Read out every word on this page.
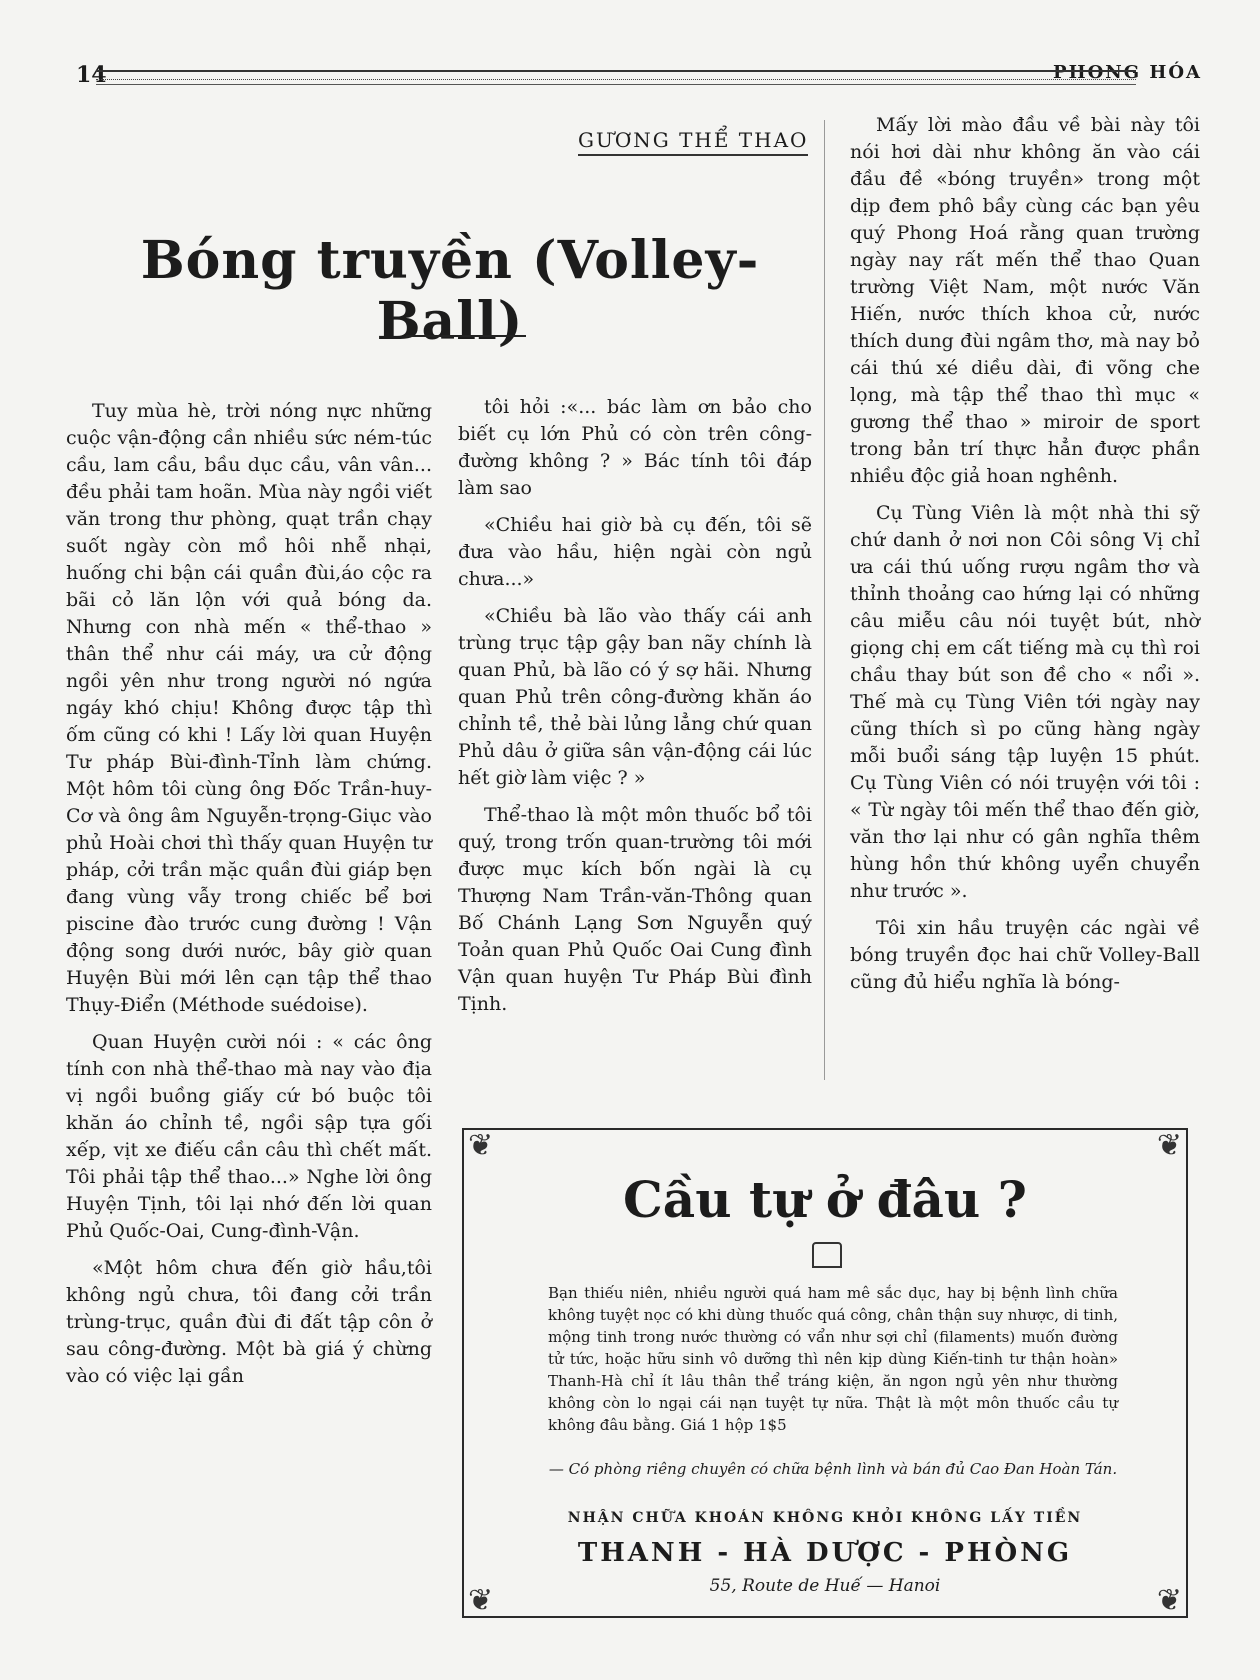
14	PHONG HÓA
GƯƠNG THỂ THAO
Bóng truyền (Volley-Ball)

Tuy mùa hè, trời nóng nực những cuộc vận-động cần nhiều sức ném-túc cầu, lam cầu, bầu dục cầu, vân vân... đều phải tam hoãn. Mùa này ngồi viết văn trong thư phòng, quạt trần chạy suốt ngày còn mồ hôi nhễ nhại, huống chi bận cái quần đùi,áo cộc ra bãi cỏ lăn lộn với quả bóng da. Nhưng con nhà mến « thể-thao » thân thể như cái máy, ưa cử động ngồi yên như trong người nó ngứa ngáy khó chịu! Không được tập thì ốm cũng có khi ! Lấy lời quan Huyện Tư pháp Bùi-đình-Tỉnh làm chứng. Một hôm tôi cùng ông Đốc Trần-huy-Cơ và ông âm Nguyễn-trọng-Giục vào phủ Hoài chơi thì thấy quan Huyện tư pháp, cởi trần mặc quần đùi giáp bẹn đang vùng vẫy trong chiếc bể bơi piscine đào trước cung đường ! Vận động song dưới nước, bây giờ quan Huyện Bùi mới lên cạn tập thể thao Thụy-Điển (Méthode suédoise).

Quan Huyện cười nói : « các ông tính con nhà thể-thao mà nay vào địa vị ngồi buồng giấy cứ bó buộc tôi khăn áo chỉnh tề, ngồi sập tựa gối xếp, vịt xe điếu cần câu thì chết mất. Tôi phải tập thể thao...» Nghe lời ông Huyện Tịnh, tôi lại nhớ đến lời quan Phủ Quốc-Oai, Cung-đình-Vận.

«Một hôm chưa đến giờ hầu,tôi không ngủ chưa, tôi đang cởi trần trùng-trục, quần đùi đi đất tập côn ở sau công-đường. Một bà giá ý chừng vào có việc lại gần

tôi hỏi :«... bác làm ơn bảo cho biết cụ lớn Phủ có còn trên công-đường không ? » Bác tính tôi đáp làm sao

«Chiều hai giờ bà cụ đến, tôi sẽ đưa vào hầu, hiện ngài còn ngủ chưa...»

«Chiều bà lão vào thấy cái anh trùng trục tập gậy ban nãy chính là quan Phủ, bà lão có ý sợ hãi. Nhưng quan Phủ trên công-đường khăn áo chỉnh tề, thẻ bài lủng lẳng chứ quan Phủ dâu ở giữa sân vận-động cái lúc hết giờ làm việc ? »

Thể-thao là một môn thuốc bổ tôi quý, trong trốn quan-trường tôi mới được mục kích bốn ngài là cụ Thượng Nam Trần-văn-Thông quan Bố Chánh Lạng Sơn Nguyễn quý Toản quan Phủ Quốc Oai Cung đình Vận quan huyện Tư Pháp Bùi đình Tịnh.

Mấy lời mào đầu về bài này tôi nói hơi dài như không ăn vào cái đầu đề «bóng truyền» trong một dịp đem phô bầy cùng các bạn yêu quý Phong Hoá rằng quan trường ngày nay rất mến thể thao Quan trường Việt Nam, một nước Văn Hiến, nước thích khoa cử, nước thích dung đùi ngâm thơ, mà nay bỏ cái thú xé diều dài, đi võng che lọng, mà tập thể thao thì mục « gương thể thao » miroir de sport trong bản trí thực hẳn được phần nhiều độc giả hoan nghênh.

Cụ Tùng Viên là một nhà thi sỹ chứ danh ở nơi non Côi sông Vị chỉ ưa cái thú uống rượu ngâm thơ và thỉnh thoảng cao hứng lại có những câu miễu câu nói tuyệt bút, nhờ giọng chị em cất tiếng mà cụ thì roi chầu thay bút son đề cho « nổi ». Thế mà cụ Tùng Viên tới ngày nay cũng thích sì po cũng hàng ngày mỗi buổi sáng tập luyện 15 phút. Cụ Tùng Viên có nói truyện với tôi : « Từ ngày tôi mến thể thao đến giờ, văn thơ lại như có gân nghĩa thêm hùng hồn thứ không uyển chuyển như trước ».

Tôi xin hầu truyện các ngài về bóng truyền đọc hai chữ Volley-Ball cũng đủ hiểu nghĩa là bóng-

❦	❦
❦	❦
Cầu tự ở đâu ?

Bạn thiếu niên, nhiều người quá ham mê sắc dục, hay bị bệnh lình chữa không tuyệt nọc có khi dùng thuốc quá công, chân thận suy nhược, di tinh, mộng tinh trong nước thường có vẩn như sợi chỉ (filaments) muốn đường tử tức, hoặc hữu sinh vô dưỡng thì nên kịp dùng Kiến-tinh tư thận hoàn» Thanh-Hà chỉ ít lâu thân thể tráng kiện, ăn ngon ngủ yên như thường không còn lo ngại cái nạn tuyệt tự nữa. Thật là một môn thuốc cầu tự không đâu bằng. Giá 1 hộp 1$5

— Có phòng riêng chuyên có chữa bệnh lình và bán đủ Cao Đan Hoàn Tán.
NHẬN CHỮA KHOÁN KHÔNG KHỎI KHÔNG LẤY TIỀN
THANH - HÀ DƯỢC - PHÒNG
55, Route de Huế — Hanoi
